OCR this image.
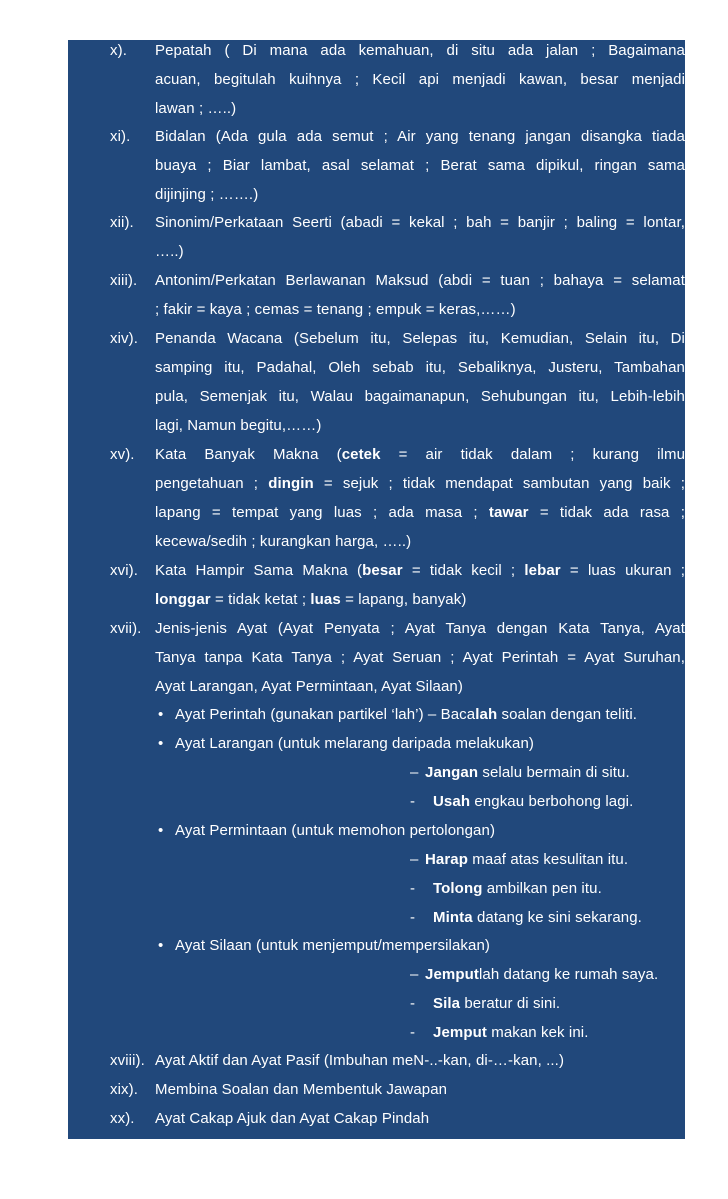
x). Pepatah ( Di mana ada kemahuan, di situ ada jalan ; Bagaimana
acuan, begitulah kuihnya ; Kecil api menjadi kawan, besar menjadi
lawan ; …..)
xi). Bidalan (Ada gula ada semut ; Air yang tenang jangan disangka tiada
buaya ; Biar lambat, asal selamat ; Berat sama dipikul, ringan sama
dijinjing ; …….)
xii). Sinonim/Perkataan Seerti (abadi = kekal ; bah = banjir ; baling = lontar,
…..)
xiii). Antonim/Perkatan Berlawanan Maksud (abdi = tuan ; bahaya = selamat
; fakir = kaya ; cemas = tenang ; empuk = keras,……)
xiv). Penanda Wacana (Sebelum itu, Selepas itu, Kemudian, Selain itu, Di
samping itu, Padahal, Oleh sebab itu, Sebaliknya, Justeru, Tambahan
pula, Semenjak itu, Walau bagaimanapun, Sehubungan itu, Lebih-lebih
lagi, Namun begitu,……)
xv). Kata Banyak Makna (cetek = air tidak dalam ; kurang ilmu
pengetahuan ; dingin = sejuk ; tidak mendapat sambutan yang baik ;
lapang = tempat yang luas ; ada masa ; tawar = tidak ada rasa ;
kecewa/sedih ; kurangkan harga, …..)
xvi). Kata Hampir Sama Makna (besar = tidak kecil ; lebar = luas ukuran ;
longgar = tidak ketat ; luas = lapang, banyak)
xvii). Jenis-jenis Ayat (Ayat Penyata ; Ayat Tanya dengan Kata Tanya, Ayat
Tanya tanpa Kata Tanya ; Ayat Seruan ; Ayat Perintah = Ayat Suruhan,
Ayat Larangan, Ayat Permintaan, Ayat Silaan)
• Ayat Perintah (gunakan partikel ‘lah’) – Bacalah soalan dengan teliti.
• Ayat Larangan (untuk melarang daripada melakukan)
– Jangan selalu bermain di situ.
- Usah engkau berbohong lagi.
• Ayat Permintaan (untuk memohon pertolongan)
– Harap maaf atas kesulitan itu.
- Tolong ambilkan pen itu.
- Minta datang ke sini sekarang.
• Ayat Silaan (untuk menjemput/mempersilakan)
– Jemputlah datang ke rumah saya.
- Sila beratur di sini.
- Jemput makan kek ini.
xviii). Ayat Aktif dan Ayat Pasif (Imbuhan meN-..-kan, di-…-kan, ...)
xix). Membina Soalan dan Membentuk Jawapan
xx). Ayat Cakap Ajuk dan Ayat Cakap Pindah
